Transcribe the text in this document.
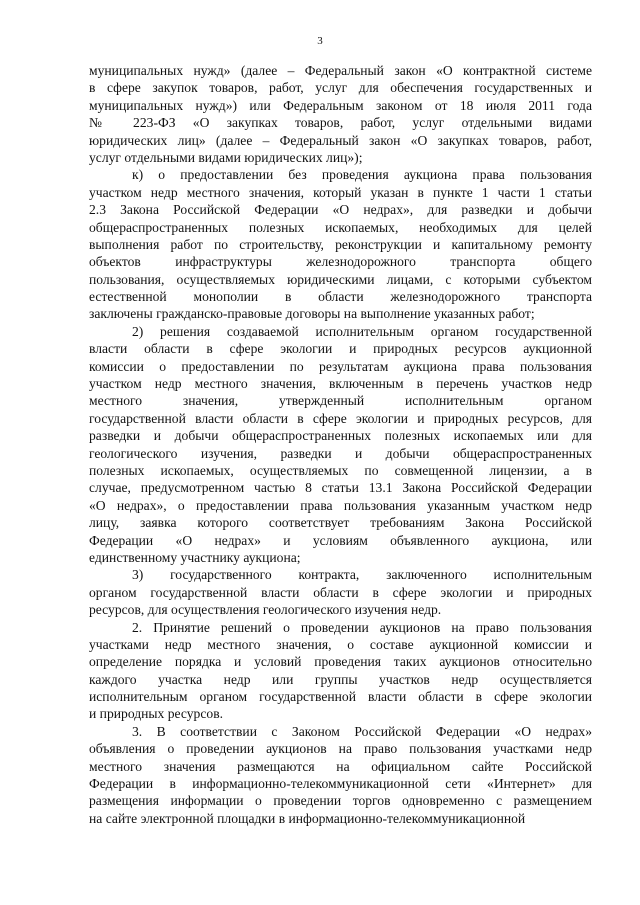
3
муниципальных нужд» (далее – Федеральный закон «О контрактной системе
в сфере закупок товаров, работ, услуг для обеспечения государственных и
муниципальных нужд») или Федеральным законом от 18 июля 2011 года
№ 223-ФЗ «О закупках товаров, работ, услуг отдельными видами
юридических лиц» (далее – Федеральный закон «О закупках товаров, работ,
услуг отдельными видами юридических лиц»);
к) о предоставлении без проведения аукциона права пользования
участком недр местного значения, который указан в пункте 1 части 1 статьи
2.3 Закона Российской Федерации «О недрах», для разведки и добычи
общераспространенных полезных ископаемых, необходимых для целей
выполнения работ по строительству, реконструкции и капитальному ремонту
объектов инфраструктуры железнодорожного транспорта общего
пользования, осуществляемых юридическими лицами, с которыми субъектом
естественной монополии в области железнодорожного транспорта
заключены гражданско-правовые договоры на выполнение указанных работ;
2) решения создаваемой исполнительным органом государственной
власти области в сфере экологии и природных ресурсов аукционной
комиссии о предоставлении по результатам аукциона права пользования
участком недр местного значения, включенным в перечень участков недр
местного значения, утвержденный исполнительным органом
государственной власти области в сфере экологии и природных ресурсов, для
разведки и добычи общераспространенных полезных ископаемых или для
геологического изучения, разведки и добычи общераспространенных
полезных ископаемых, осуществляемых по совмещенной лицензии, а в
случае, предусмотренном частью 8 статьи 13.1 Закона Российской Федерации
«О недрах», о предоставлении права пользования указанным участком недр
лицу, заявка которого соответствует требованиям Закона Российской
Федерации «О недрах» и условиям объявленного аукциона, или
единственному участнику аукциона;
3) государственного контракта, заключенного исполнительным
органом государственной власти области в сфере экологии и природных
ресурсов, для осуществления геологического изучения недр.
2. Принятие решений о проведении аукционов на право пользования
участками недр местного значения, о составе аукционной комиссии и
определение порядка и условий проведения таких аукционов относительно
каждого участка недр или группы участков недр осуществляется
исполнительным органом государственной власти области в сфере экологии
и природных ресурсов.
3. В соответствии с Законом Российской Федерации «О недрах»
объявления о проведении аукционов на право пользования участками недр
местного значения размещаются на официальном сайте Российской
Федерации в информационно-телекоммуникационной сети «Интернет» для
размещения информации о проведении торгов одновременно с размещением
на сайте электронной площадки в информационно-телекоммуникационной
